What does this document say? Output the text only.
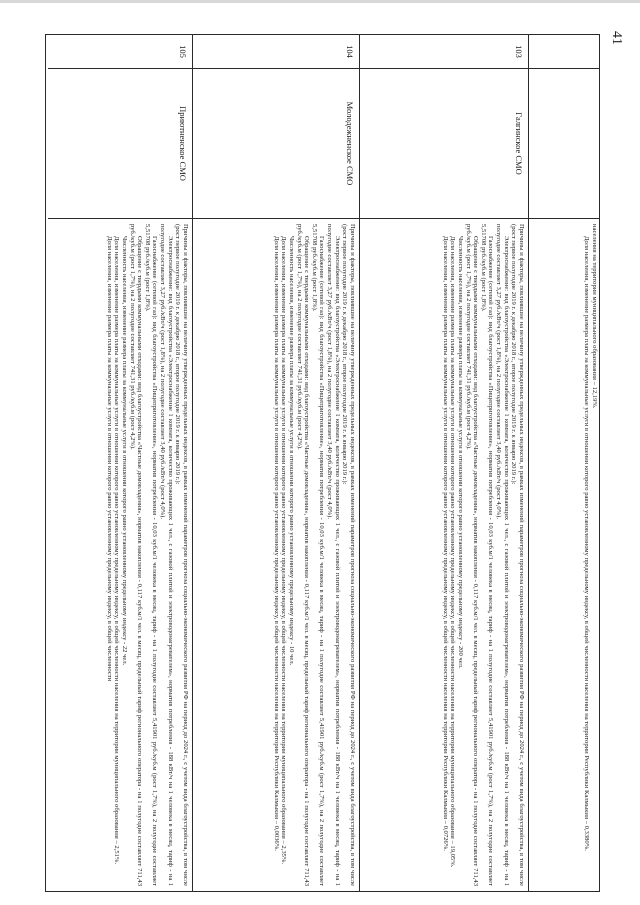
41

населения на территории муниципального образования – 12,19%.

Доля населения, изменение размера платы за коммунальные услуги в отношении которого равно установленному предельному индексу, в общей численности населения на территории Республики Калмыкия – 0,3380%.

103
Галгинское СМО

Причины и факторы, повлиявшие на величину утвержденных предельных индексов, в рамках изменений параметров прогноза социально-экономического развития РФ на период до 2024 г., с учетом вида благоустройства, в том числе (рост первое полугодие 2019 г. к декабрю 2018 г., второе полугодие 2019 г. к январю 2019 г.):

Электроснабжение: вид благоустройства «Электроснабжение 1 комната, количество проживающих 1 чел., с газовой плитой и электроводонагревателем», норматив потребления - 188 кВт/ч на 1 человека в месяц, тариф - на 1 полугодие составляет 3,27 руб./кВт/ч (рост 1,8%), на 2 полугодие составляет 3,40 руб./кВт/ч (рост 4,0%).

Газоснабжение (сетевой газ): вид благоустройства «Пищеприготовление», норматив потребления - 10,03 куб.м/1 человека в месяц, тариф - на 1 полугодие составляет 5,41901 руб./куб.м (рост 1,7%), на 2 полугодие составляет 5,51708 руб./куб.м (рост 1,8%).

Обращение с твердыми коммунальными отходами: вид благоустройства «Частные домовладения», норматив накопления - 0,117 куб.м/1 чел. в месяц, предельный тариф регионального оператора - на 1 полугодие составляет 711,43 руб./куб.м (рост 1,7%), на 2 полугодие составляет 741,31 руб./куб.м (рост 4,2%).

Численность населения, изменение размера платы за коммунальные услуги в отношении которого равно установленному предельному индексу - 200 чел.

Доля населения, изменение размера платы за коммунальные услуги в отношении которого равно установленному предельному индексу, в общей численности населения на территории муниципального образования – 19,05%.

Доля населения, изменение размера платы за коммунальные услуги в отношении которого равно установленному предельному индексу, в общей численности населения на территории Республики Калмыкия – 0,0726%.

104
Молодежненское СМО

Причины и факторы, повлиявшие на величину утвержденных предельных индексов, в рамках изменений параметров прогноза социально-экономического развития РФ на период до 2024 г., с учетом вида благоустройства, в том числе (рост первое полугодие 2019 г. к декабрю 2018 г., второе полугодие 2019 г. к январю 2019 г.):

Электроснабжение: вид благоустройства «Электроснабжение 1 комната, количество проживающих 1 чел., с газовой плитой и электроводонагревателем», норматив потребления - 188 кВт/ч на 1 человека в месяц, тариф - на 1 полугодие составляет 3,27 руб./кВт/ч (рост 1,8%), на 2 полугодие составляет 3,40 руб./кВт/ч (рост 4,0%).

Газоснабжение (сетевой газ): вид благоустройства «Пищеприготовление», норматив потребления - 10,03 куб.м/1 человека в месяц, тариф - на 1 полугодие составляет 5,41901 руб./куб.м (рост 1,7%), на 2 полугодие составляет 5,51708 руб./куб.м (рост 1,8%).

Обращение с твердыми коммунальными отходами: вид благоустройства «Частные домовладения», норматив накопления - 0,117 куб.м/1 чел. в месяц, предельный тариф регионального оператора - на 1 полугодие составляет 711,43 руб./куб.м (рост 1,7%), на 2 полугодие составляет 741,31 руб./куб.м (рост 4,2%).

Численность населения, изменение размера платы за коммунальные услуги в отношении которого равно установленному предельному индексу - 10 чел.

Доля населения, изменение размера платы за коммунальные услуги в отношении которого равно установленному предельному индексу, в общей численности населения на территории муниципального образования – 2,35%.

Доля населения, изменение размера платы за коммунальные услуги в отношении которого равно установленному предельному индексу, в общей численности населения на территории Республики Калмыкия – 0,0036%.

105
Приютненское СМО

Причины и факторы, повлиявшие на величину утвержденных предельных индексов, в рамках изменений параметров прогноза социально-экономического развития РФ на период до 2024 г., с учетом вида благоустройства, в том числе (рост первое полугодие 2019 г. к декабрю 2018 г., второе полугодие 2019 г. к январю 2019 г.):

Электроснабжение: вид благоустройства «Электроснабжение 1 комната, количество проживающих 1 чел., с газовой плитой и электроводонагревателем», норматив потребления - 188 кВт/ч на 1 человека в месяц, тариф - на 1 полугодие составляет 3,27 руб./кВт/ч (рост 1,8%), на 2 полугодие составляет 3,40 руб./кВт/ч (рост 4,0%).

Газоснабжение (сетевой газ): вид благоустройства «Пищеприготовление», норматив потребления - 10,03 куб.м/1 человека в месяц, тариф - на 1 полугодие составляет 5,41901 руб./куб.м (рост 1,7%), на 2 полугодие составляет 5,51708 руб./куб.м (рост 1,8%).

Обращение с твердыми коммунальными отходами: вид благоустройства «Частные домовладения», норматив накопления - 0,117 куб.м/1 чел. в месяц, предельный тариф регионального оператора - на 1 полугодие составляет 711,43 руб./куб.м (рост 1,7%), на 2 полугодие составляет 741,31 руб./куб.м (рост 4,2%).

Численность населения, изменение размера платы за коммунальные услуги в отношении которого равно установленному предельному индексу - 22 чел.

Доля населения, изменение размера платы за коммунальные услуги в отношении которого равно установленному предельному индексу, в общей численности населения на территории муниципального образования – 2,51%.

Доля населения, изменение размера платы за коммунальные услуги в отношении которого равно установленному предельному индексу, в общей численности
